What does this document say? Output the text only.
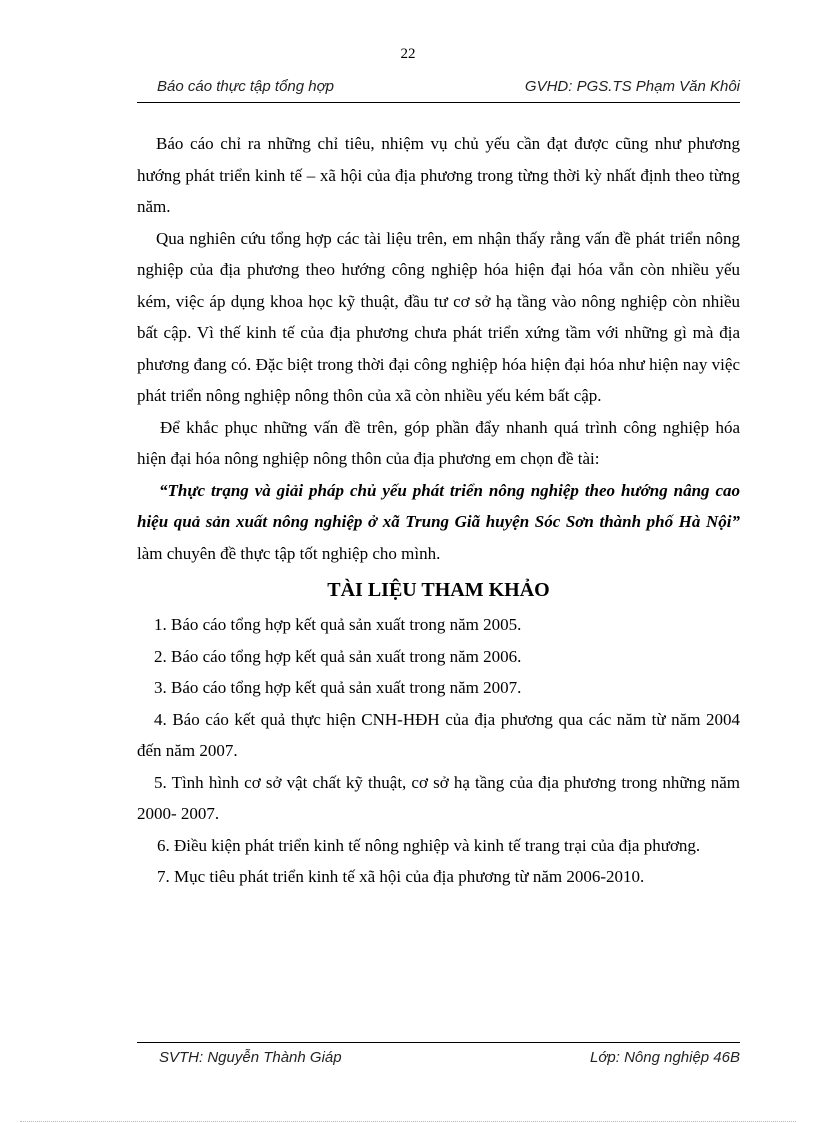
22
Báo cáo thực tập tổng hợp	GVHD: PGS.TS Phạm Văn Khôi

Báo cáo chỉ ra những chỉ tiêu, nhiệm vụ chủ yếu cần đạt được cũng như phương hướng phát triển kinh tế – xã hội của địa phương trong từng thời kỳ nhất định theo từng năm.

Qua nghiên cứu tổng hợp các tài liệu trên, em nhận thấy rằng vấn đề phát triển nông nghiệp của địa phương theo hướng công nghiệp hóa hiện đại hóa vẫn còn nhiều yếu kém, việc áp dụng khoa học kỹ thuật, đầu tư cơ sở hạ tầng vào nông nghiệp còn nhiều bất cập. Vì thế kinh tế của địa phương chưa phát triển xứng tầm với những gì mà địa phương đang có. Đặc biệt trong thời đại công nghiệp hóa hiện đại hóa như hiện nay việc phát triển nông nghiệp nông thôn của xã còn nhiều yếu kém bất cập.

Để khắc phục những vấn đề trên, góp phần đẩy nhanh quá trình công nghiệp hóa hiện đại hóa nông nghiệp nông thôn của địa phương em chọn đề tài:

“Thực trạng và giải pháp chủ yếu phát triển nông nghiệp theo hướng nâng cao hiệu quả sản xuất nông nghiệp ở xã Trung Giã huyện Sóc Sơn thành phố Hà Nội” làm chuyên đề thực tập tốt nghiệp cho mình.

TÀI LIỆU THAM KHẢO
1. Báo cáo tổng hợp kết quả sản xuất trong năm 2005.
2. Báo cáo tổng hợp kết quả sản xuất trong năm 2006.
3. Báo cáo tổng hợp kết quả sản xuất trong năm 2007.
4. Báo cáo kết quả thực hiện CNH-HĐH của địa phương qua các năm từ năm 2004 đến năm 2007.
5. Tình hình cơ sở vật chất kỹ thuật, cơ sở hạ tầng của địa phương trong những năm 2000- 2007.
6. Điều kiện phát triển kinh tế nông nghiệp và kinh tế trang trại của địa phương.
7. Mục tiêu phát triển kinh tế xã hội của địa phương từ năm 2006-2010.
SVTH: Nguyễn Thành Giáp	Lớp: Nông nghiệp 46B
